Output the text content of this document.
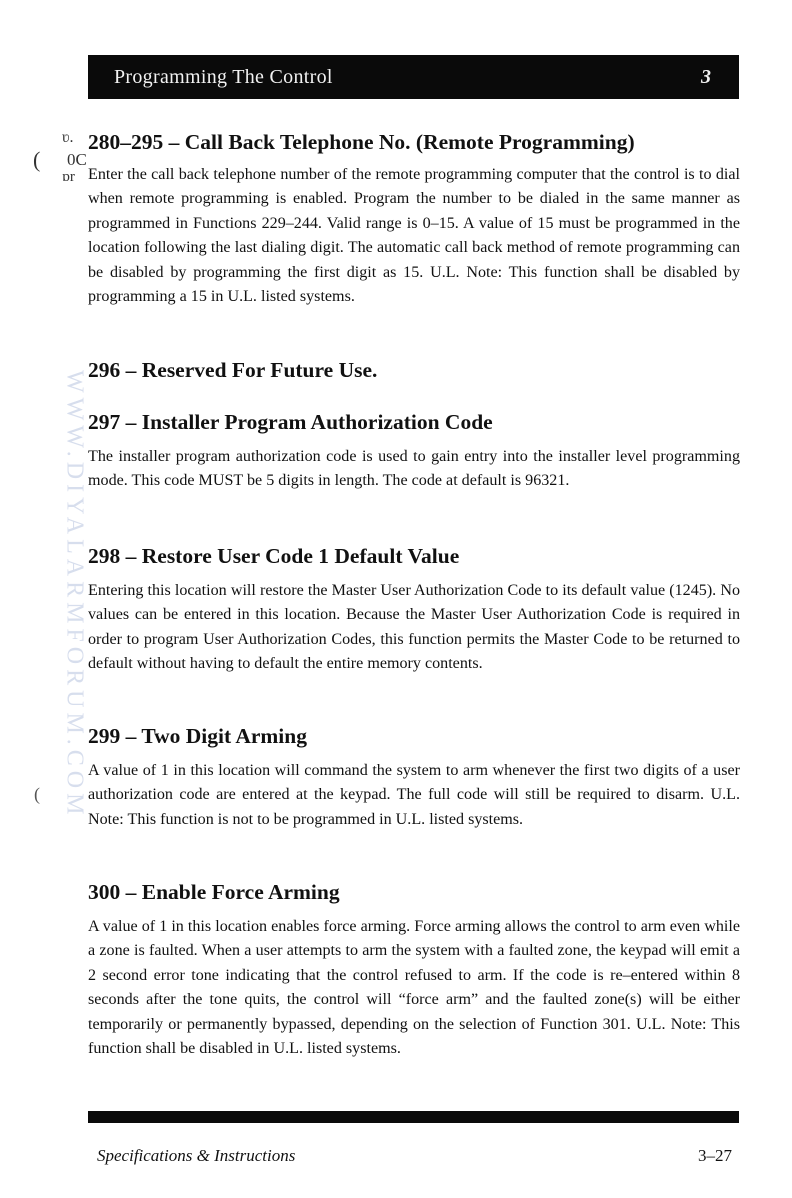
Programming The Control	3
WWW.DIYALARMFORUM.COM
ʋ.
( 0C
ɒr
(
280–295 – Call Back Telephone No. (Remote Programming)

Enter the call back telephone number of the remote programming computer that the control is to dial when remote programming is enabled. Program the number to be dialed in the same manner as programmed in Functions 229–244. Valid range is 0–15. A value of 15 must be programmed in the location following the last dialing digit. The automatic call back method of remote programming can be disabled by programming the first digit as 15. U.L. Note: This function shall be disabled by programming a 15 in U.L. listed systems.

296 – Reserved For Future Use.
297 – Installer Program Authorization Code

The installer program authorization code is used to gain entry into the installer level programming mode. This code MUST be 5 digits in length. The code at default is 96321.

298 – Restore User Code 1 Default Value

Entering this location will restore the Master User Authorization Code to its default value (1245). No values can be entered in this location. Because the Master User Authorization Code is required in order to program User Authorization Codes, this function permits the Master Code to be returned to default without having to default the entire memory contents.

299 – Two Digit Arming

A value of 1 in this location will command the system to arm whenever the first two digits of a user authorization code are entered at the keypad. The full code will still be required to disarm. U.L. Note: This function is not to be programmed in U.L. listed systems.

300 – Enable Force Arming

A value of 1 in this location enables force arming. Force arming allows the control to arm even while a zone is faulted. When a user attempts to arm the system with a faulted zone, the keypad will emit a 2 second error tone indicating that the control refused to arm. If the code is re–entered within 8 seconds after the tone quits, the control will “force arm” and the faulted zone(s) will be either temporarily or permanently bypassed, depending on the selection of Function 301. U.L. Note: This function shall be disabled in U.L. listed systems.

Specifications & Instructions	3–27
